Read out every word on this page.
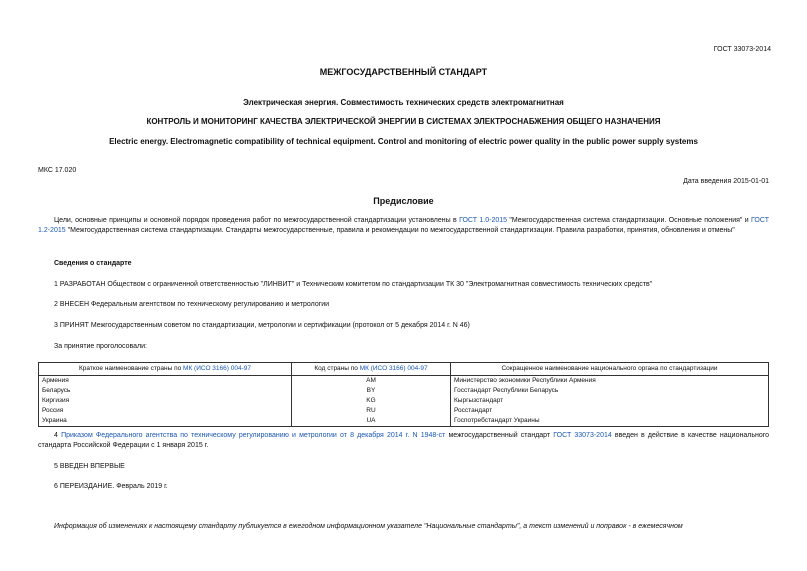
ГОСТ 33073-2014
МЕЖГОСУДАРСТВЕННЫЙ СТАНДАРТ
Электрическая энергия. Совместимость технических средств электромагнитная
КОНТРОЛЬ И МОНИТОРИНГ КАЧЕСТВА ЭЛЕКТРИЧЕСКОЙ ЭНЕРГИИ В СИСТЕМАХ ЭЛЕКТРОСНАБЖЕНИЯ ОБЩЕГО НАЗНАЧЕНИЯ
Electric energy. Electromagnetic compatibility of technical equipment. Control and monitoring of electric power quality in the public power supply systems
МКС 17.020
Дата введения 2015-01-01
Предисловие
Цели, основные принципы и основной порядок проведения работ по межгосударственной стандартизации установлены в ГОСТ 1.0-2015 "Межгосударственная система стандартизации. Основные положения" и ГОСТ 1.2-2015 "Межгосударственная система стандартизации. Стандарты межгосударственные, правила и рекомендации по межгосударственной стандартизации. Правила разработки, принятия, обновления и отмены"
Сведения о стандарте
1 РАЗРАБОТАН Обществом с ограниченной ответственностью "ЛИНВИТ" и Техническим комитетом по стандартизации ТК 30 "Электромагнитная совместимость технических средств"
2 ВНЕСЕН Федеральным агентством по техническому регулированию и метрологии
3 ПРИНЯТ Межгосударственным советом по стандартизации, метрологии и сертификации (протокол от 5 декабря 2014 г. N 46)
За принятие проголосовали:
Краткое наименование страны по МК (ИСО 3166) 004-97	Код страны по МК (ИСО 3166) 004-97	Сокращенное наименование национального органа по стандартизации
Армения	AM	Министерство экономики Республики Армения
Беларусь	BY	Госстандарт Республики Беларусь
Киргизия	KG	Кыргызстандарт
Россия	RU	Росстандарт
Украина	UA	Госпотребстандарт Украины
4 Приказом Федерального агентства по техническому регулированию и метрологии от 8 декабря 2014 г. N 1948-ст межгосударственный стандарт ГОСТ 33073-2014 введен в действие в качестве национального стандарта Российской Федерации с 1 января 2015 г.
5 ВВЕДЕН ВПЕРВЫЕ
6 ПЕРЕИЗДАНИЕ. Февраль 2019 г.
Информация об изменениях к настоящему стандарту публикуется в ежегодном информационном указателе "Национальные стандарты", а текст изменений и поправок - в ежемесячном
